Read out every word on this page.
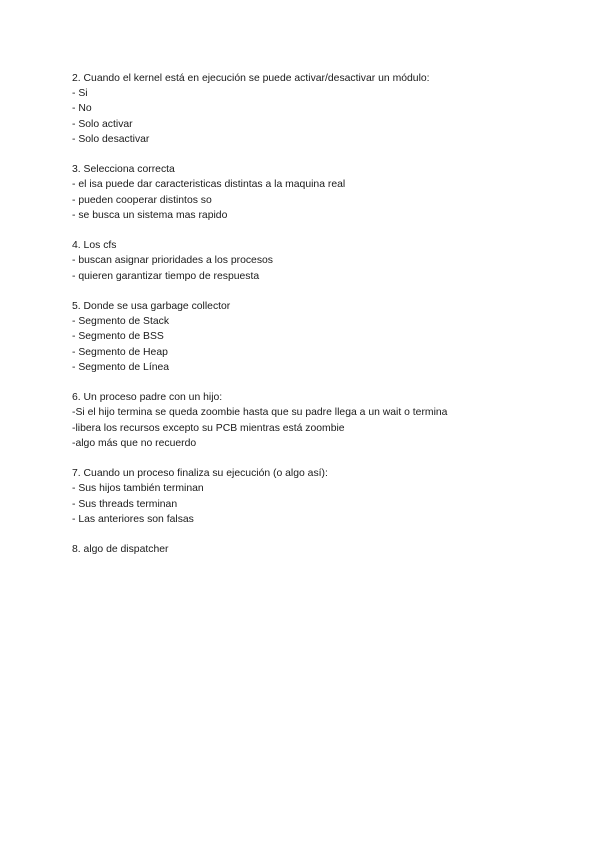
2. Cuando el kernel está en ejecución se puede activar/desactivar un módulo:
- Si
- No
- Solo activar
- Solo desactivar
3. Selecciona correcta
- el isa puede dar caracteristicas distintas a la maquina real
- pueden cooperar distintos so
- se busca un sistema mas rapido
4. Los cfs
- buscan asignar prioridades a los procesos
- quieren garantizar tiempo de respuesta
5. Donde se usa garbage collector
- Segmento de Stack
- Segmento de BSS
- Segmento de Heap
- Segmento de Línea
6. Un proceso padre con un hijo:
-Si el hijo termina se queda zoombie hasta que su padre llega a un wait o termina
-libera los recursos excepto su PCB mientras está zoombie
-algo más que no recuerdo
7. Cuando un proceso finaliza su ejecución (o algo así):
- Sus hijos también terminan
- Sus threads terminan
- Las anteriores son falsas
8. algo de dispatcher
